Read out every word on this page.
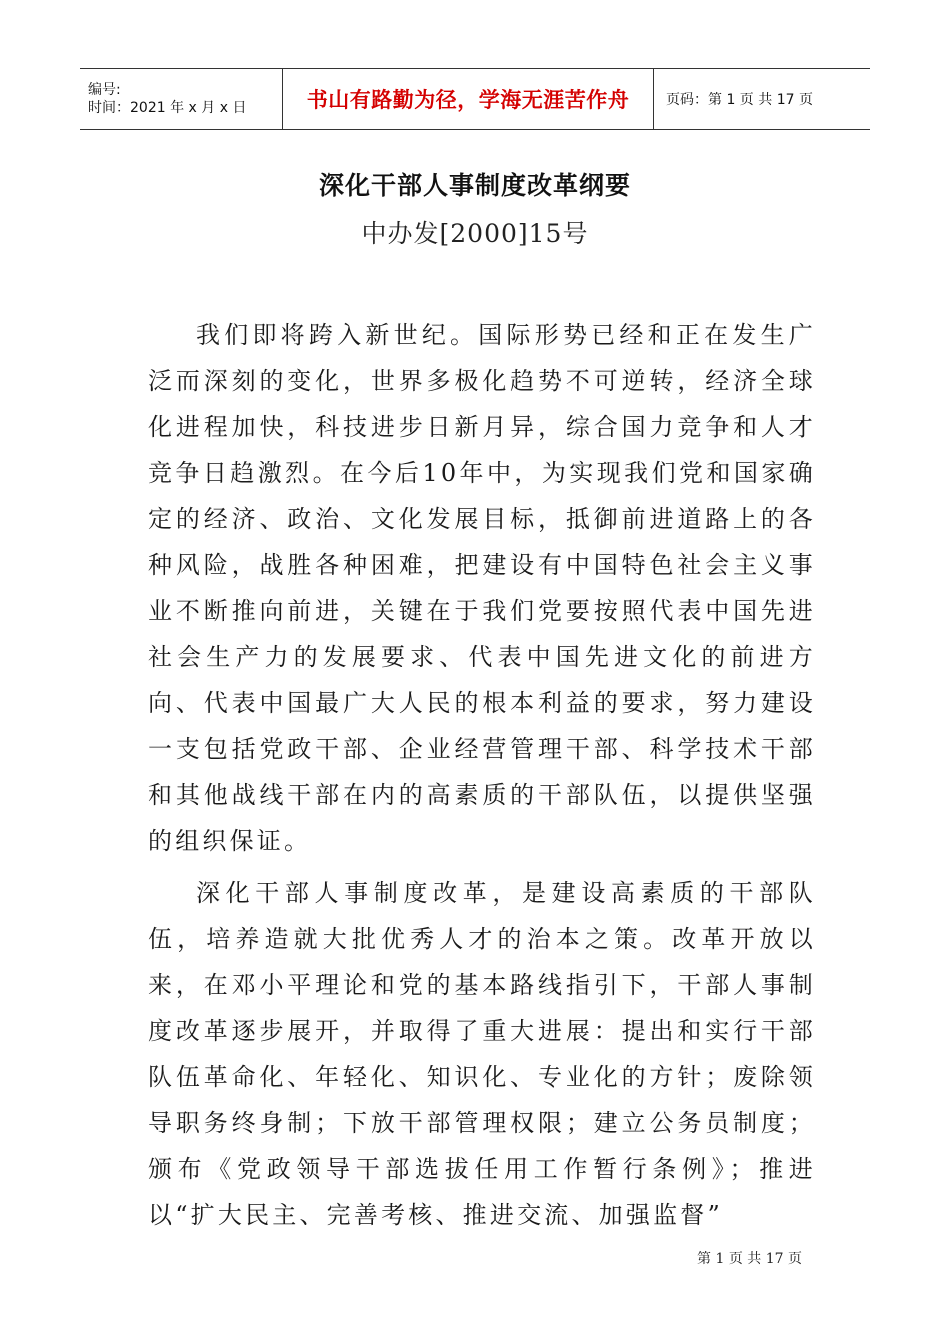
编号:
时间：2021 年 x 月 x 日	书山有路勤为径，学海无涯苦作舟	页码：第 1 页 共 17 页
深化干部人事制度改革纲要
中办发[2000]15号

我们即将跨入新世纪。国际形势已经和正在发生广泛而深刻的变化，世界多极化趋势不可逆转，经济全球化进程加快，科技进步日新月异，综合国力竞争和人才竞争日趋激烈。在今后10年中，为实现我们党和国家确定的经济、政治、文化发展目标，抵御前进道路上的各种风险，战胜各种困难，把建设有中国特色社会主义事业不断推向前进，关键在于我们党要按照代表中国先进社会生产力的发展要求、代表中国先进文化的前进方向、代表中国最广大人民的根本利益的要求，努力建设一支包括党政干部、企业经营管理干部、科学技术干部和其他战线干部在内的高素质的干部队伍，以提供坚强的组织保证。

深化干部人事制度改革，是建设高素质的干部队伍，培养造就大批优秀人才的治本之策。改革开放以来，在邓小平理论和党的基本路线指引下，干部人事制度改革逐步展开，并取得了重大进展：提出和实行干部队伍革命化、年轻化、知识化、专业化的方针；废除领导职务终身制；下放干部管理权限；建立公务员制度；颁布《党政领导干部选拔任用工作暂行条例》；推进以“扩大民主、完善考核、推进交流、加强监督”

第 1 页 共 17 页
